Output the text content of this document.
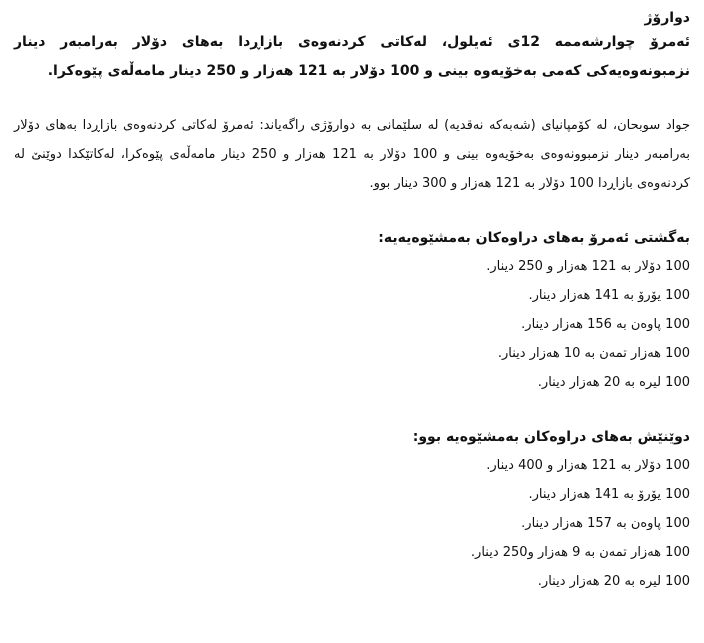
دوارۆژ
ئەمرۆ چوارشەممە 12ی ئەیلول، لەکاتی کردنەوەی بازاڕدا بەهای دۆلار بەرامبەر دینار نزمبونەوەیەکی کەمی بەخۆیەوە بینی و 100 دۆلار بە 121 هەزار و 250 دینار مامەڵەی پێوەکرا.
جواد سوبحان، لە کۆمپانیای (شەبەکە نەقدیە) لە سلێمانی بە دوارۆژی راگەیاند: ئەمرۆ لەکاتی کردنەوەی بازاڕدا بەهای دۆلار بەرامبەر دینار نزمبوونەوەی بەخۆیەوە بینی و 100 دۆلار بە 121 هەزار و 250 دینار مامەڵەی پێوەکرا، لەکاتێکدا دوێنێ لە کردنەوەی بازاڕدا 100 دۆلار بە 121 هەزار و 300 دینار بوو.
بەگشتی ئەمرۆ بەهای دراوەکان بەمشێوەیەیە:
100 دۆلار بە 121 هەزار و 250 دینار.
100 یۆرۆ بە 141 هەزار دینار.
100 پاوەن بە 156 هەزار دینار.
100 هەزار تمەن بە 10 هەزار دینار.
100 لیرە بە 20 هەزار دینار.
دوێنێش بەهای دراوەکان بەمشێوەیە بوو:
100 دۆلار بە 121 هەزار و 400 دینار.
100 یۆرۆ بە 141 هەزار دینار.
100 پاوەن بە 157 هەزار دینار.
100 هەزار تمەن بە 9 هەزار و250 دینار.
100 لیرە بە 20 هەزار دینار.
